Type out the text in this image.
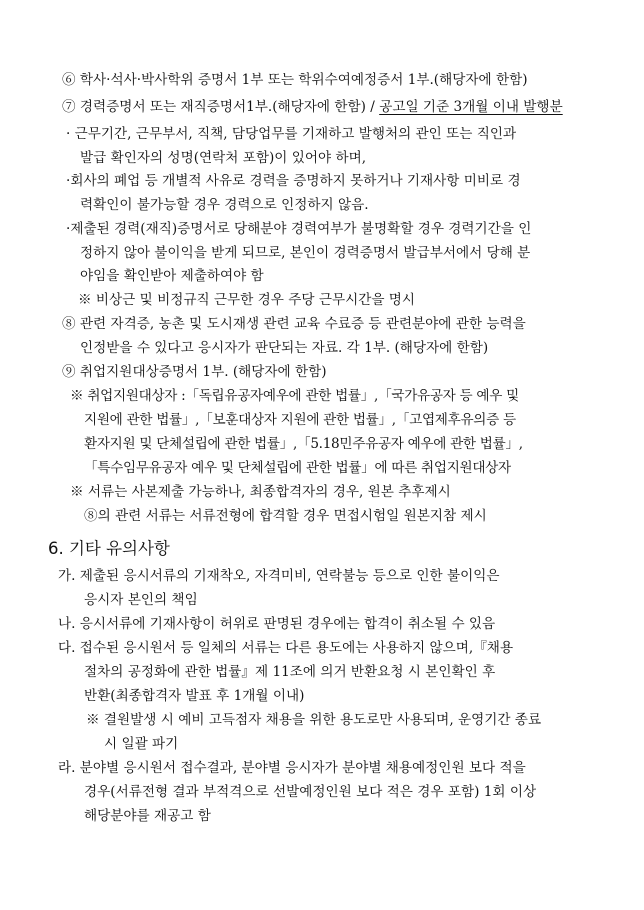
⑥ 학사·석사·박사학위 증명서 1부 또는 학위수여예정증서 1부.(해당자에 한함)
⑦ 경력증명서 또는 재직증명서1부.(해당자에 한함) / 공고일 기준 3개월 이내 발행분
· 근무기간, 근무부서, 직책, 담당업무를 기재하고 발행처의 관인 또는 직인과
발급 확인자의 성명(연락처 포함)이 있어야 하며,
·회사의 폐업 등 개별적 사유로 경력을 증명하지 못하거나 기재사항 미비로 경
력확인이 불가능할 경우 경력으로 인정하지 않음.
·제출된 경력(재직)증명서로 당해분야 경력여부가 불명확할 경우 경력기간을 인
정하지 않아 불이익을 받게 되므로, 본인이 경력증명서 발급부서에서 당해 분
야임을 확인받아 제출하여야 함
※ 비상근 및 비정규직 근무한 경우 주당 근무시간을 명시
⑧ 관련 자격증, 농촌 및 도시재생 관련 교육 수료증 등 관련분야에 관한 능력을
인정받을 수 있다고 응시자가 판단되는 자료. 각 1부. (해당자에 한함)
⑨ 취업지원대상증명서 1부. (해당자에 한함)
※ 취업지원대상자 :「독립유공자예우에 관한 법률」,「국가유공자 등 예우 및
지원에 관한 법률」,「보훈대상자 지원에 관한 법률」,「고엽제후유의증 등
환자지원 및 단체설립에 관한 법률」,「5.18민주유공자 예우에 관한 법률」,
「특수임무유공자 예우 및 단체설립에 관한 법률」에 따른 취업지원대상자
※ 서류는 사본제출 가능하나, 최종합격자의 경우, 원본 추후제시
⑧의 관련 서류는 서류전형에 합격할 경우 면접시험일 원본지참 제시
6. 기타 유의사항
가. 제출된 응시서류의 기재착오, 자격미비, 연락불능 등으로 인한 불이익은
응시자 본인의 책임
나. 응시서류에 기재사항이 허위로 판명된 경우에는 합격이 취소될 수 있음
다. 접수된 응시원서 등 일체의 서류는 다른 용도에는 사용하지 않으며,『채용
절차의 공정화에 관한 법률』제 11조에 의거 반환요청 시 본인확인 후
반환(최종합격자 발표 후 1개월 이내)
※ 결원발생 시 예비 고득점자 채용을 위한 용도로만 사용되며, 운영기간 종료
시 일괄 파기
라. 분야별 응시원서 접수결과, 분야별 응시자가 분야별 채용예정인원 보다 적을
경우(서류전형 결과 부적격으로 선발예정인원 보다 적은 경우 포함) 1회 이상
해당분야를 재공고 함
